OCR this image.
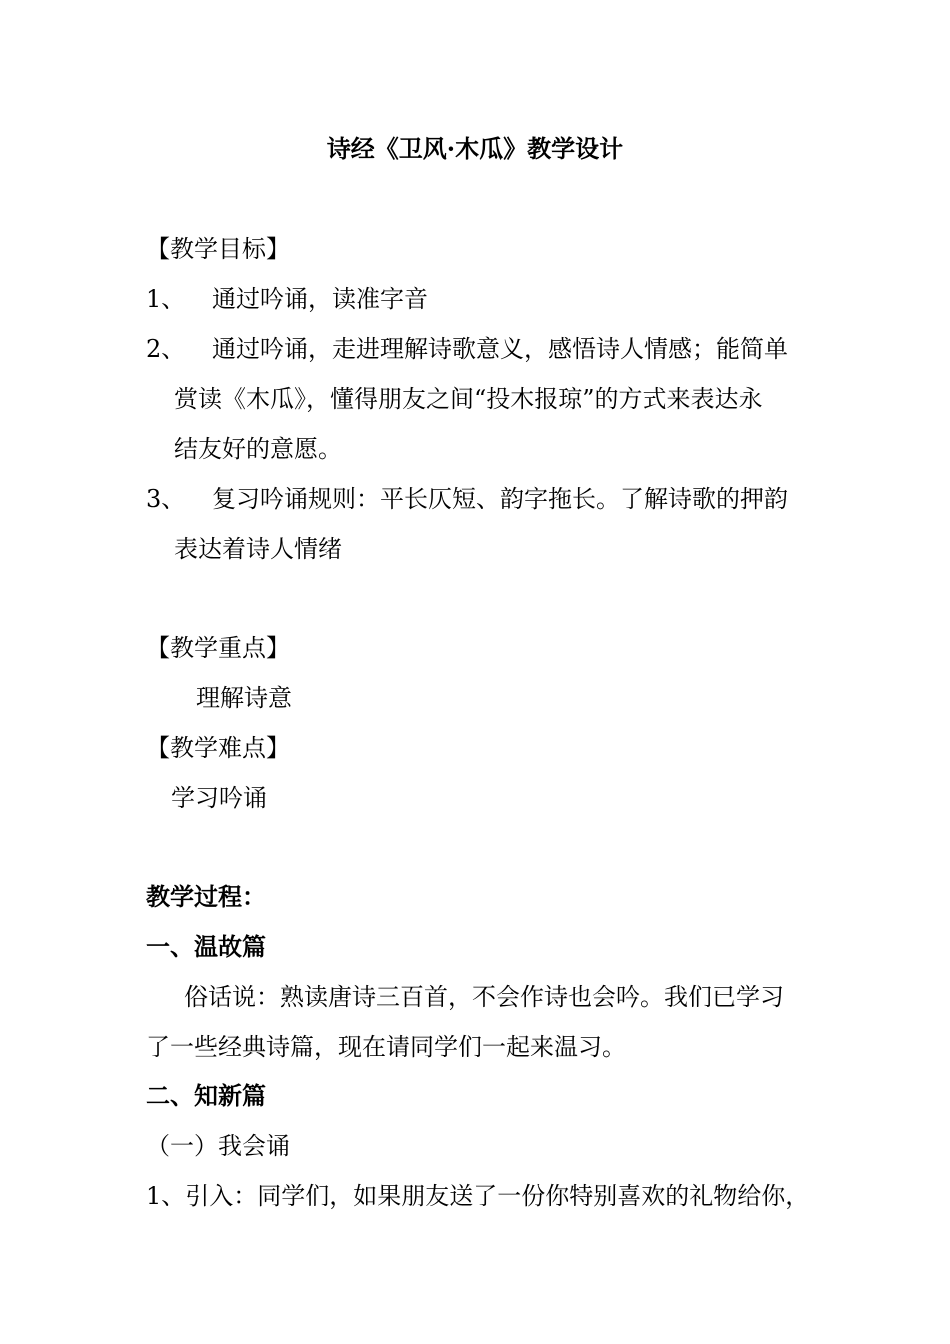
诗经《卫风·木瓜》教学设计
【教学目标】
1、 通过吟诵，读准字音
2、 通过吟诵，走进理解诗歌意义，感悟诗人情感；能简单
赏读《木瓜》，懂得朋友之间“投木报琼”的方式来表达永
结友好的意愿。
3、 复习吟诵规则：平长仄短、韵字拖长。了解诗歌的押韵
表达着诗人情绪
【教学重点】
理解诗意
【教学难点】
学习吟诵
教学过程：
一、温故篇
俗话说：熟读唐诗三百首，不会作诗也会吟。我们已学习
了一些经典诗篇，现在请同学们一起来温习。
二、知新篇
（一）我会诵
1、引入：同学们，如果朋友送了一份你特别喜欢的礼物给你，
